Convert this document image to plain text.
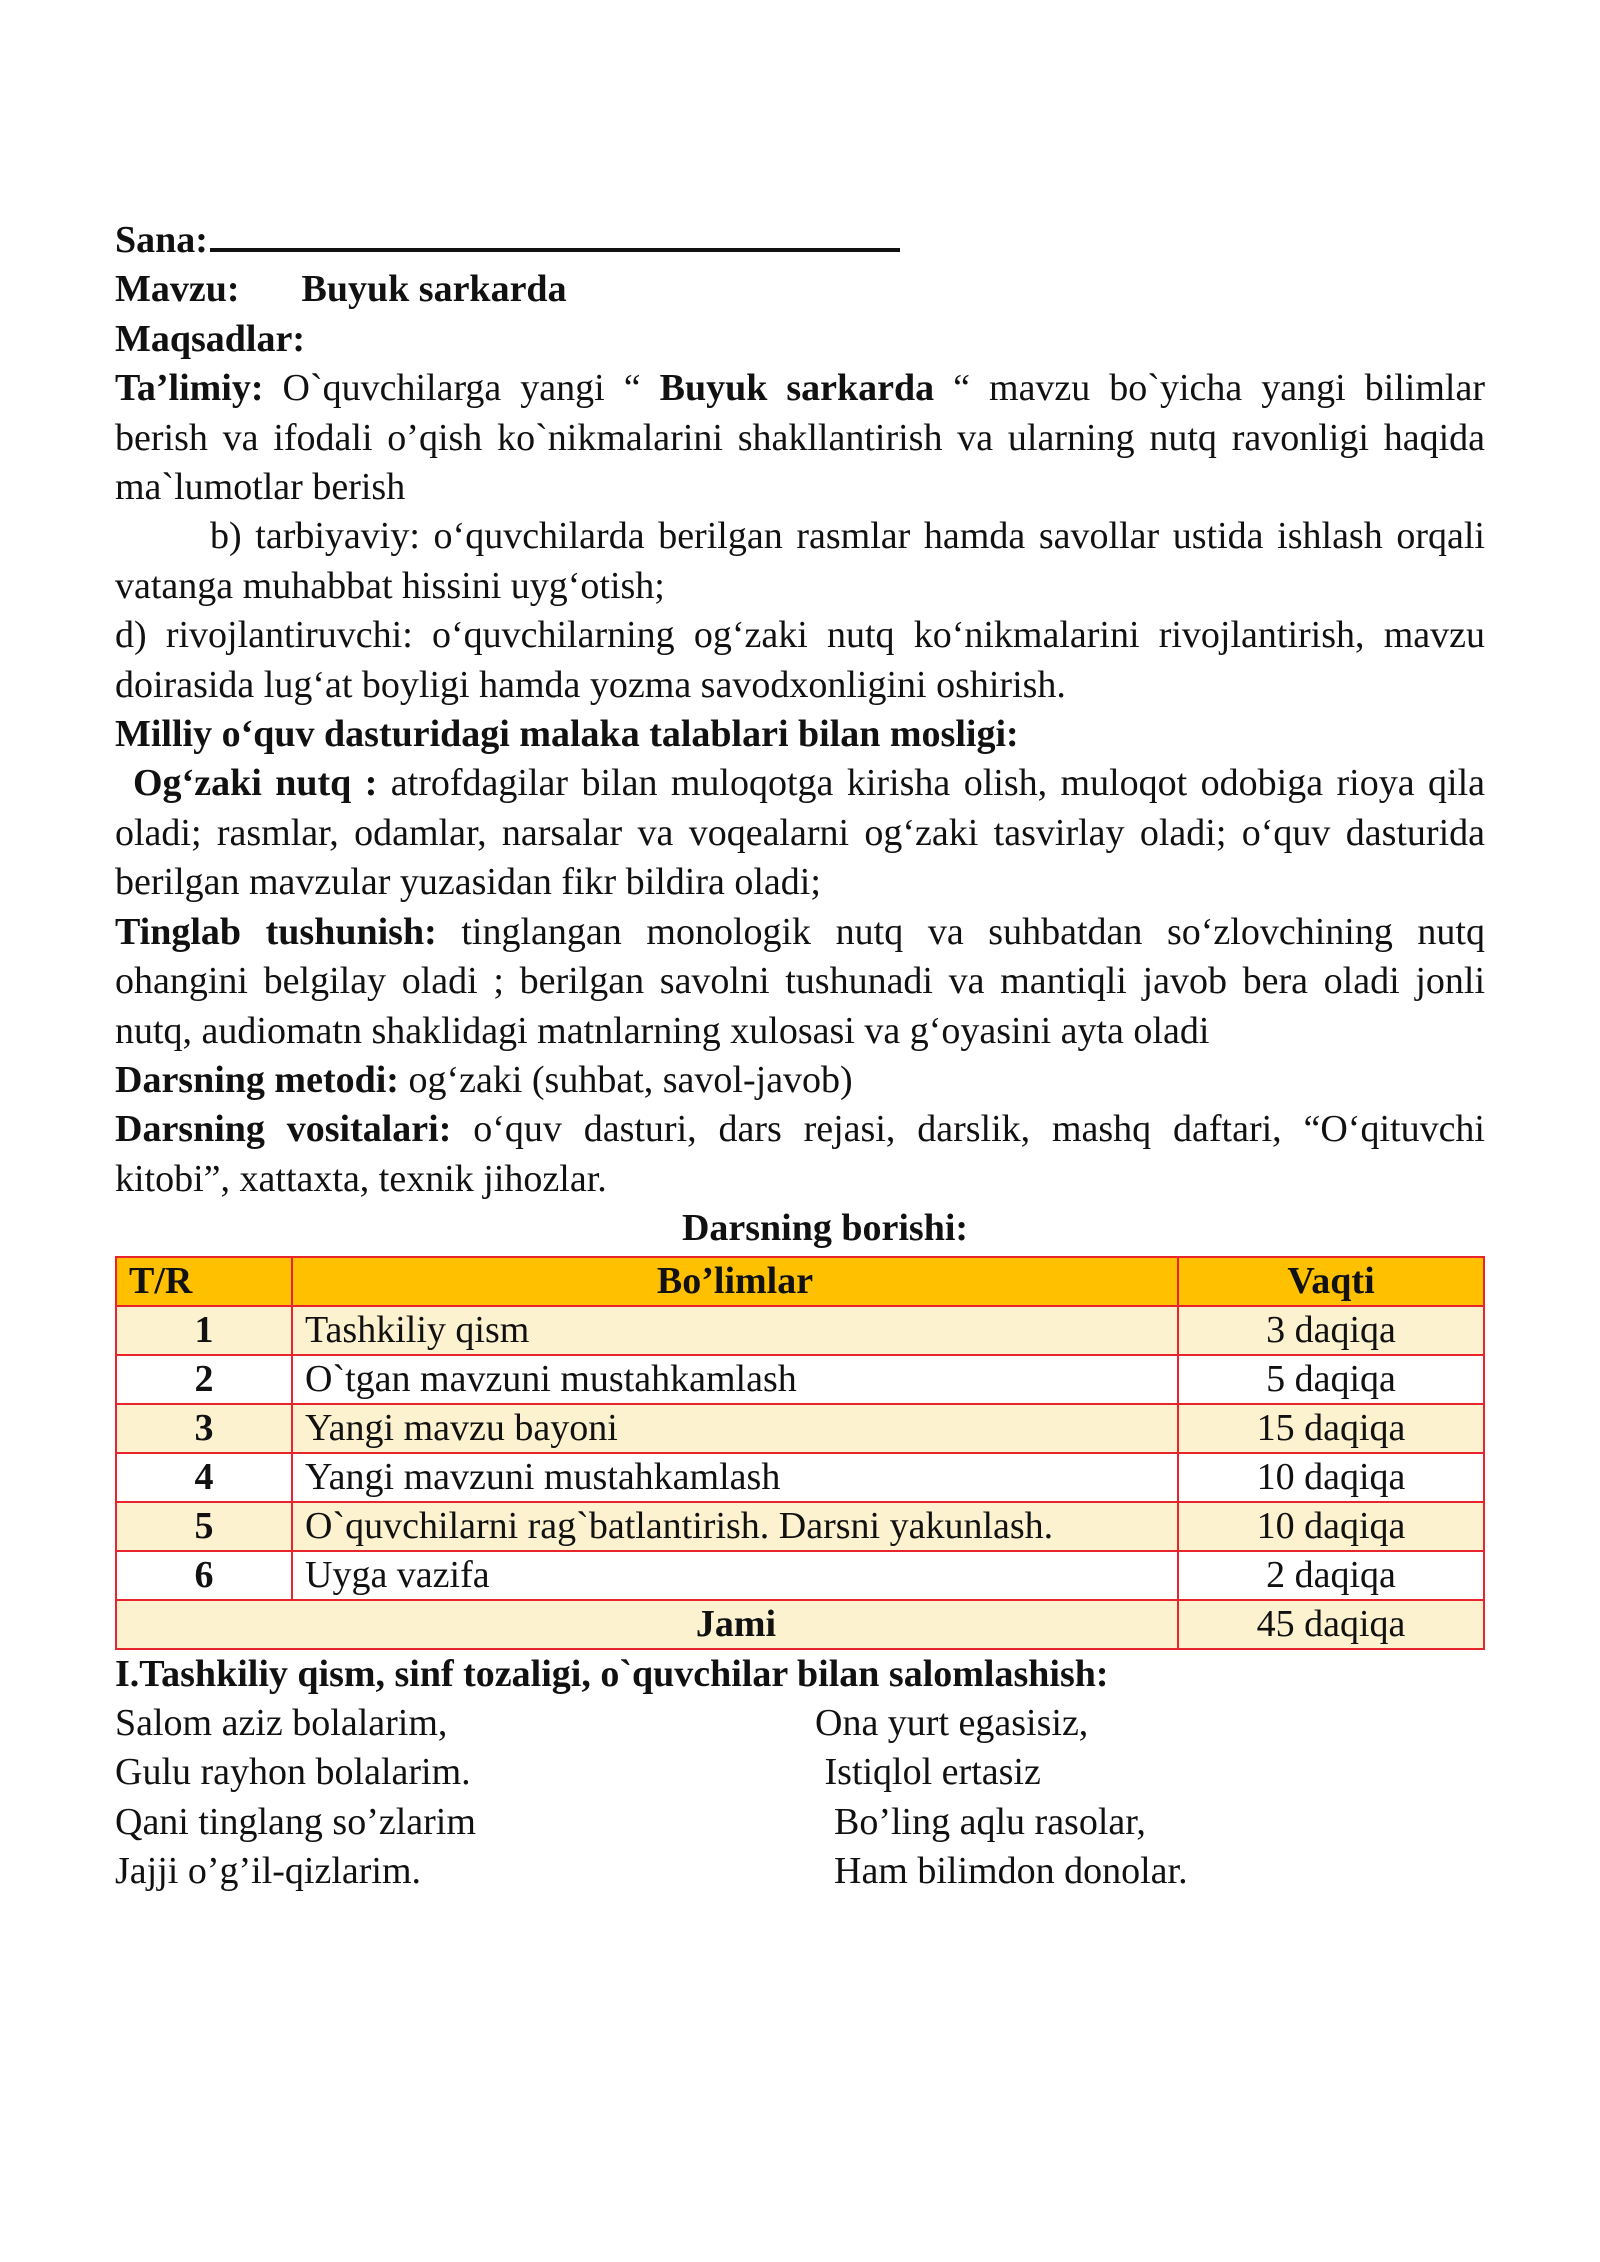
Sana:
Mavzu: Buyuk sarkarda
Maqsadlar:
Ta’limiy: O`quvchilarga yangi “ Buyuk sarkarda “ mavzu bo`yicha yangi bilimlar berish va ifodali o’qish ko`nikmalarini shakllantirish va ularning nutq ravonligi haqida ma`lumotlar berish
b) tarbiyaviy: o‘quvchilarda berilgan rasmlar hamda savollar ustida ishlash orqali vatanga muhabbat hissini uyg‘otish;
d) rivojlantiruvchi: o‘quvchilarning og‘zaki nutq ko‘nikmalarini rivojlantirish, mavzu doirasida lug‘at boyligi hamda yozma savodxonligini oshirish.
Milliy o‘quv dasturidagi malaka talablari bilan mosligi:
Og‘zaki nutq : atrofdagilar bilan muloqotga kirisha olish, muloqot odobiga rioya qila oladi; rasmlar, odamlar, narsalar va voqealarni og‘zaki tasvirlay oladi; o‘quv dasturida berilgan mavzular yuzasidan fikr bildira oladi;
Tinglab tushunish: tinglangan monologik nutq va suhbatdan so‘zlovchining nutq ohangini belgilay oladi ; berilgan savolni tushunadi va mantiqli javob bera oladi jonli nutq, audiomatn shaklidagi matnlarning xulosasi va g‘oyasini ayta oladi
Darsning metodi: og‘zaki (suhbat, savol-javob)
Darsning vositalari: o‘quv dasturi, dars rejasi, darslik, mashq daftari, “O‘qituvchi kitobi”, xattaxta, texnik jihozlar.
Darsning borishi:
T/R	Bo’limlar	Vaqti
1	Tashkiliy qism	3 daqiqa
2	O`tgan mavzuni mustahkamlash	5 daqiqa
3	Yangi mavzu bayoni	15 daqiqa
4	Yangi mavzuni mustahkamlash	10 daqiqa
5	O`quvchilarni rag`batlantirish. Darsni yakunlash.	10 daqiqa
6	Uyga vazifa	2 daqiqa
Jami		45 daqiqa
I.Tashkiliy qism, sinf tozaligi, o`quvchilar bilan salomlashish:
Salom aziz bolalarim,	Ona yurt egasisiz,
Gulu rayhon bolalarim.	Istiqlol ertasiz
Qani tinglang so’zlarim	Bo’ling aqlu rasolar,
Jajji o’g’il-qizlarim.	Ham bilimdon donolar.
